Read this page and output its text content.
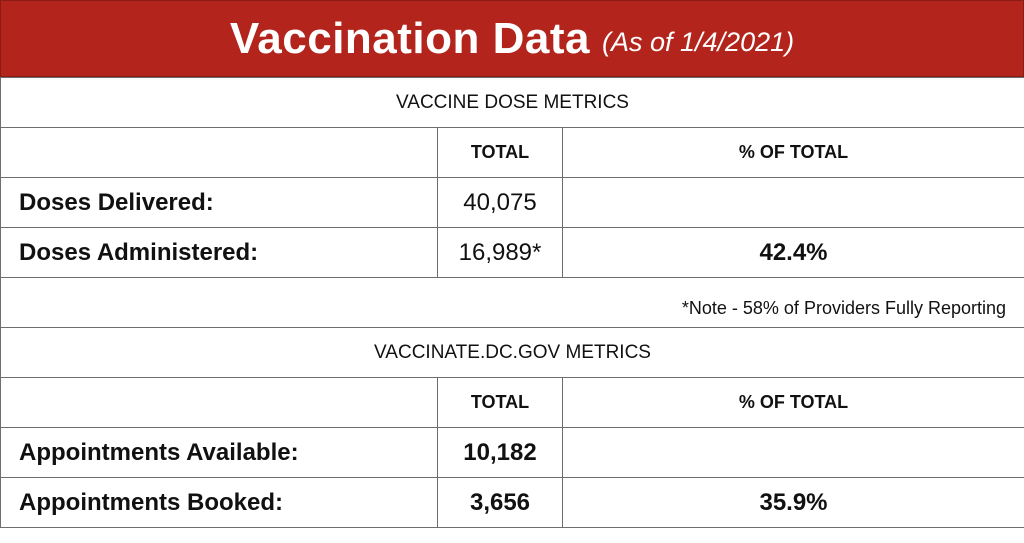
Vaccination Data (As of 1/4/2021)
VACCINE DOSE METRICS		
	TOTAL	% OF TOTAL
Doses Delivered:	40,075	
Doses Administered:	16,989*	42.4%
*Note - 58% of Providers Fully Reporting		
VACCINATE.DC.GOV METRICS		
	TOTAL	% OF TOTAL
Appointments Available:	10,182	
Appointments Booked:	3,656	35.9%
